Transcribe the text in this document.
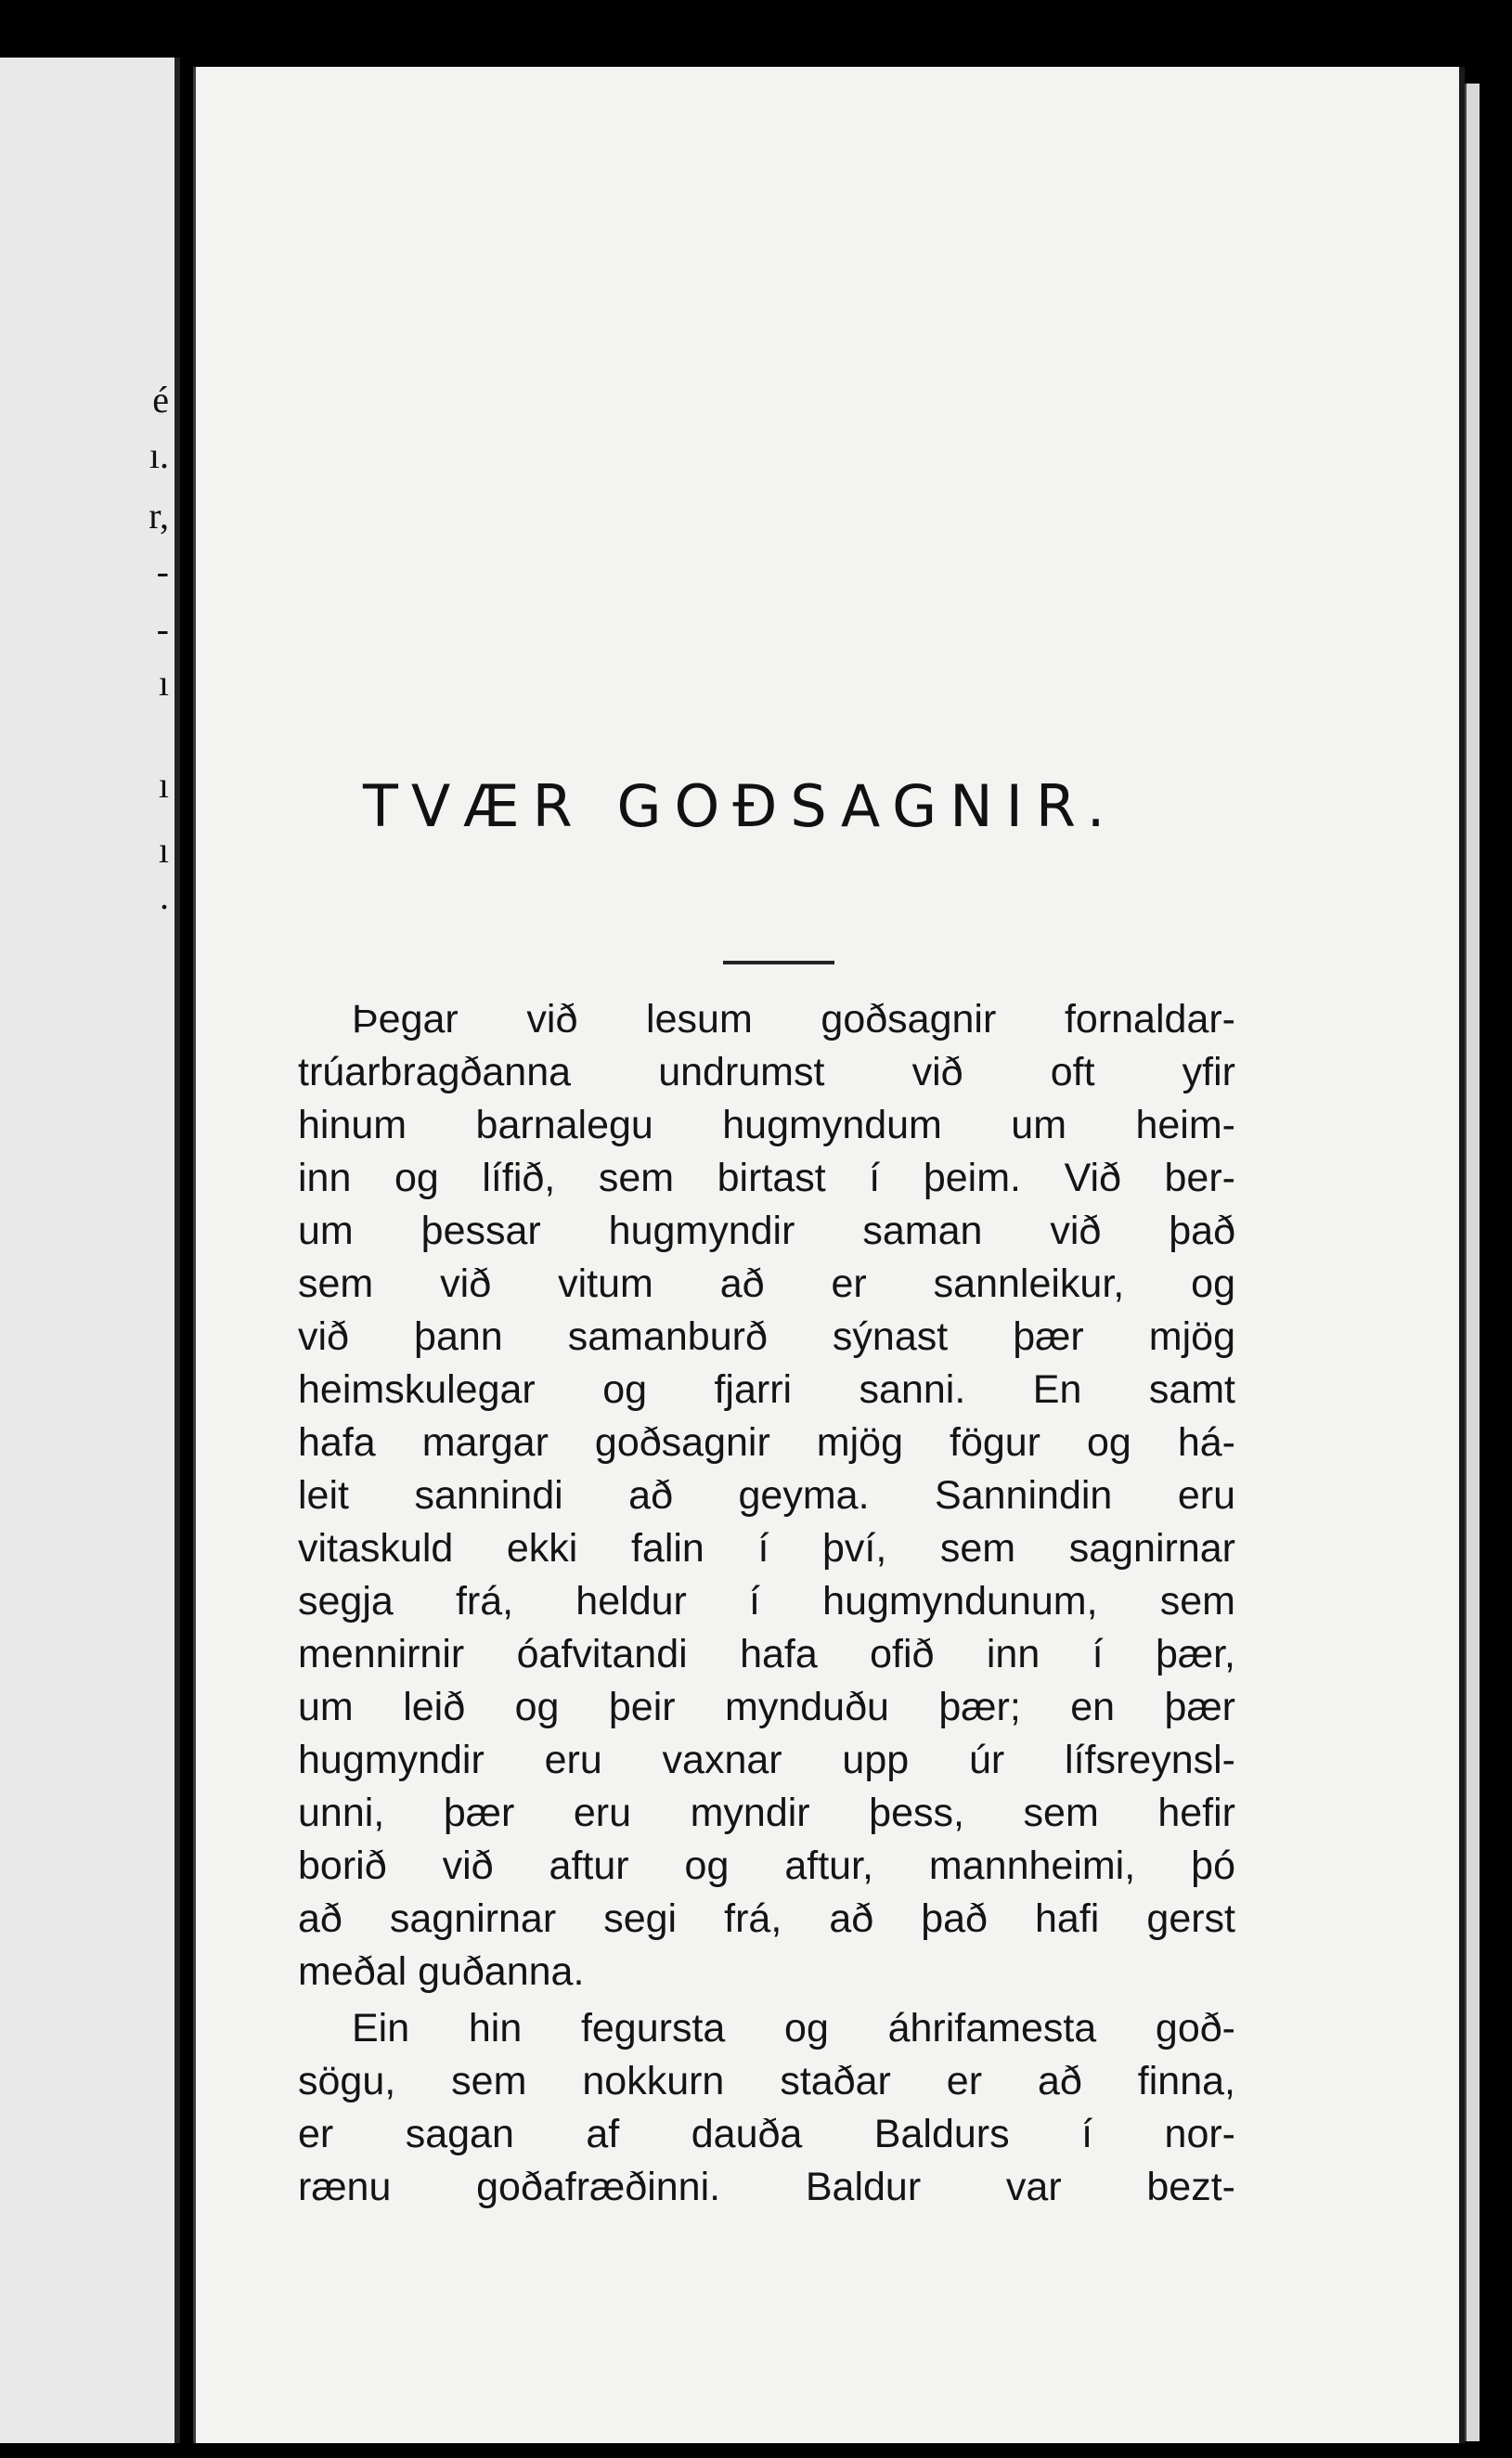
é
ı.
r,
-
-
ı
ı
ı
.
TVÆR GOÐSAGNIR.
Þegar við lesum goðsagnir fornaldar-
trúarbragðanna undrumst við oft yfir
hinum barnalegu hugmyndum um heim-
inn og lífið, sem birtast í þeim. Við ber-
um þessar hugmyndir saman við það
sem við vitum að er sannleikur, og
við þann samanburð sýnast þær mjög
heimskulegar og fjarri sanni. En samt
hafa margar goðsagnir mjög fögur og há-
leit sannindi að geyma. Sannindin eru
vitaskuld ekki falin í því, sem sagnirnar
segja frá, heldur í hugmyndunum, sem
mennirnir óafvitandi hafa ofið inn í þær,
um leið og þeir mynduðu þær; en þær
hugmyndir eru vaxnar upp úr lífsreynsl-
unni, þær eru myndir þess, sem hefir
borið við aftur og aftur, mannheimi, þó
að sagnirnar segi frá, að það hafi gerst
meðal guðanna.
Ein hin fegursta og áhrifamesta goð-
sögu, sem nokkurn staðar er að finna,
er sagan af dauða Baldurs í nor-
rænu goðafræðinni. Baldur var bezt-
